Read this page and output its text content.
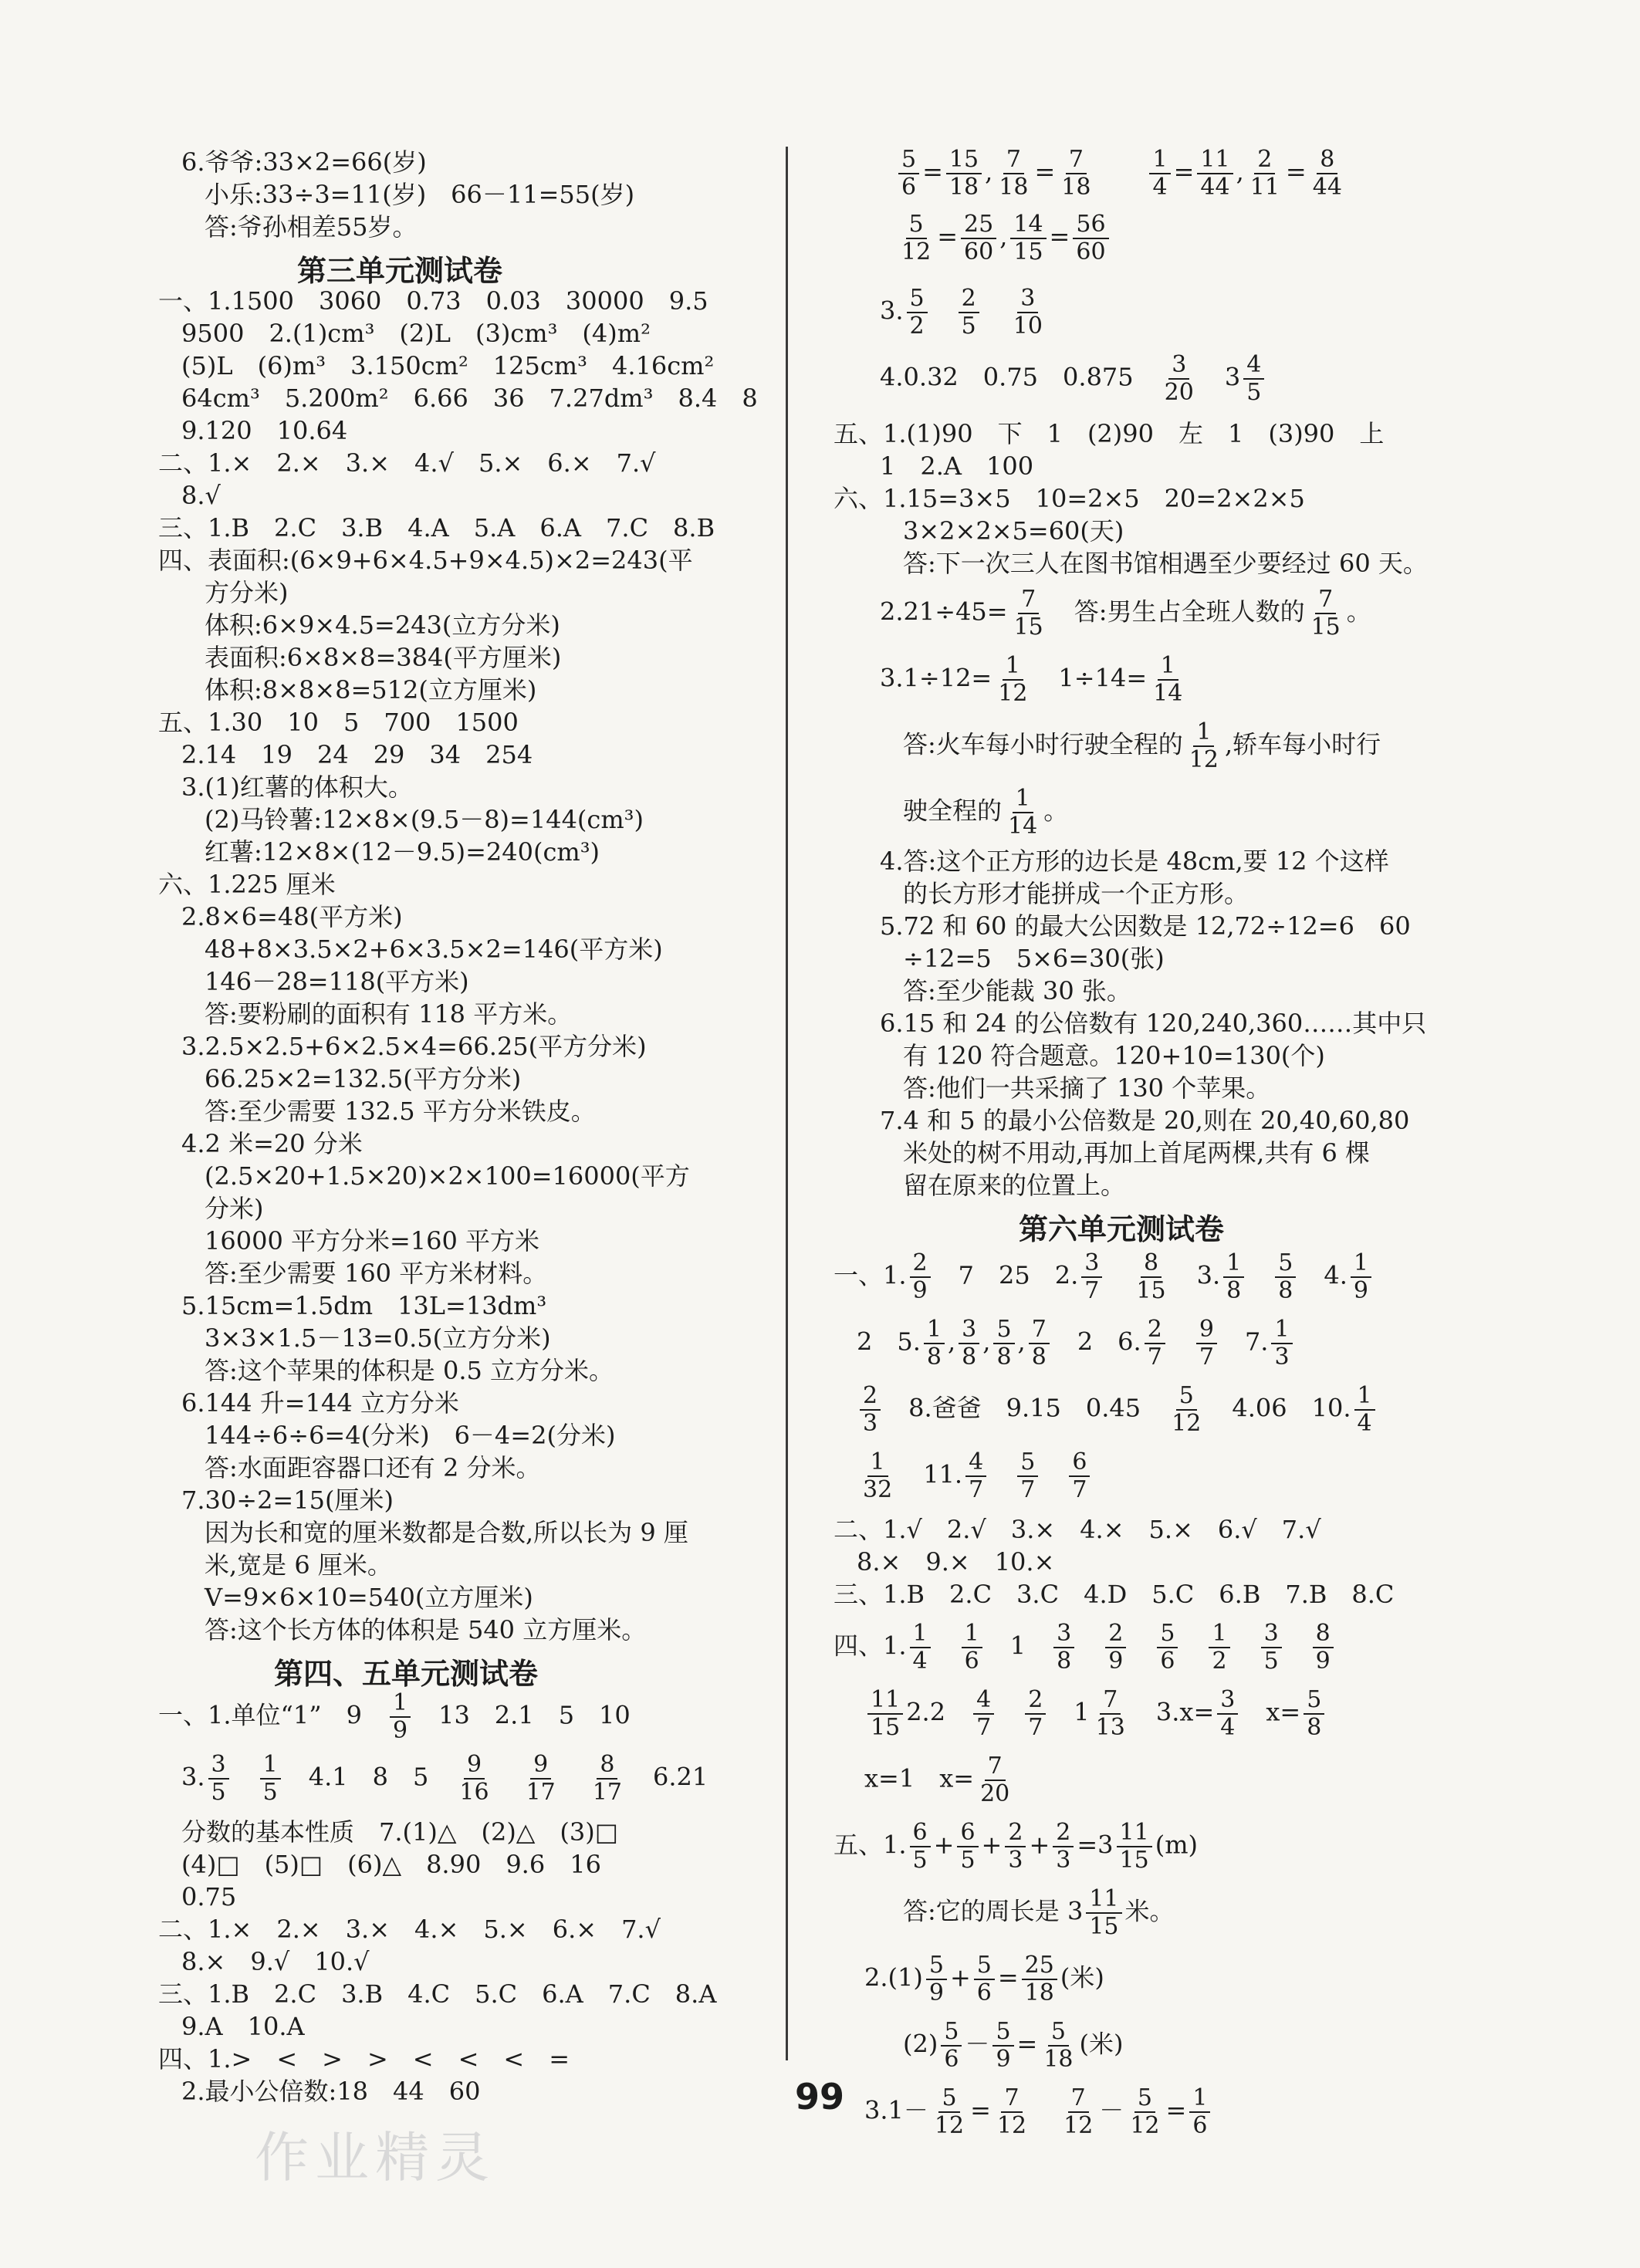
6.爷爷:33×2=66(岁)
小乐:33÷3=11(岁)　66－11=55(岁)
答:爷孙相差55岁。
第三单元测试卷
一、1.1500　3060　0.73　0.03　30000　9.5
9500　2.(1)cm³　(2)L　(3)cm³　(4)m²
(5)L　(6)m³　3.150cm²　125cm³　4.16cm²
64cm³　5.200m²　6.66　36　7.27dm³　8.4　8
9.120　10.64
二、1.×　2.×　3.×　4.√　5.×　6.×　7.√
8.√
三、1.B　2.C　3.B　4.A　5.A　6.A　7.C　8.B
四、表面积:(6×9+6×4.5+9×4.5)×2=243(平
方分米)
体积:6×9×4.5=243(立方分米)
表面积:6×8×8=384(平方厘米)
体积:8×8×8=512(立方厘米)
五、1.30　10　5　700　1500
2.14　19　24　29　34　254
3.(1)红薯的体积大。
(2)马铃薯:12×8×(9.5－8)=144(cm³)
红薯:12×8×(12－9.5)=240(cm³)
六、1.225 厘米
2.8×6=48(平方米)
48+8×3.5×2+6×3.5×2=146(平方米)
146－28=118(平方米)
答:要粉刷的面积有 118 平方米。
3.2.5×2.5+6×2.5×4=66.25(平方分米)
66.25×2=132.5(平方分米)
答:至少需要 132.5 平方分米铁皮。
4.2 米=20 分米
(2.5×20+1.5×20)×2×100=16000(平方
分米)
16000 平方分米=160 平方米
答:至少需要 160 平方米材料。
5.15cm=1.5dm　13L=13dm³
3×3×1.5－13=0.5(立方分米)
答:这个苹果的体积是 0.5 立方分米。
6.144 升=144 立方分米
144÷6÷6=4(分米)　6－4=2(分米)
答:水面距容器口还有 2 分米。
7.30÷2=15(厘米)
因为长和宽的厘米数都是合数,所以长为 9 厘
米,宽是 6 厘米。
V=9×6×10=540(立方厘米)
答:这个长方体的体积是 540 立方厘米。
第四、五单元测试卷
一、1.单位“1”　9　 $\frac{1}{9}$ 　13　2.1　5　10
3. $\frac{3}{5}$
　 $\frac{1}{5}$
　 4.1　8　5　 $\frac{9}{16}$
　 $\frac{9}{17}$
　 $\frac{8}{17}$
　 6.21
分数的基本性质　7.(1)△　(2)△　(3)□
(4)□　(5)□　(6)△　8.90　9.6　16
0.75
二、1.×　2.×　3.×　4.×　5.×　6.×　7.√
8.×　9.√　10.√
三、1.B　2.C　3.B　4.C　5.C　6.A　7.C　8.A
9.A　10.A
四、1.>　<　>　>　<　<　<　=
2.最小公倍数:18　44　60
$\frac{5}{6} = \frac{15}{18}$ , $\frac{7}{18} = \frac{7}{18}$
　　 $\frac{1}{4} = \frac{11}{44}$ , $\frac{2}{11} = \frac{8}{44}$
$\frac{5}{12} = \frac{25}{60}$ , $\frac{14}{15} = \frac{56}{60}$
3. $\frac{5}{2}$
　 $\frac{2}{5}$
　 $\frac{3}{10}$
4.0.32　0.75　0.875　 $\frac{3}{20}$ 　$3 \frac{4}{5}$
五、1.(1)90　下　1　(2)90　左　1　(3)90　上
1　2.A　100
六、1.15=3×5　10=2×5　20=2×2×5
3×2×2×5=60(天)
答:下一次三人在图书馆相遇至少要经过 60 天。
$2.21\div 45= \frac{7}{15}$ 　答:男生占全班人数的 $\frac{7}{15}$ 。
$3.1\div 12= \frac{1}{12}$ 　$1\div 14= \frac{1}{14}$
答:火车每小时行驶全程的 $\frac{1}{12}$ ,轿车每小时行
驶全程的 $\frac{1}{14}$ 。
4.答:这个正方形的边长是 48cm,要 12 个这样
的长方形才能拼成一个正方形。
5.72 和 60 的最大公因数是 12,72÷12=6　60
÷12=5　5×6=30(张)
答:至少能裁 30 张。
6.15 和 24 的公倍数有 120,240,360……其中只
有 120 符合题意。120+10=130(个)
答:他们一共采摘了 130 个苹果。
7.4 和 5 的最小公倍数是 20,则在 20,40,60,80
米处的树不用动,再加上首尾两棵,共有 6 棵
留在原来的位置上。
第六单元测试卷
一、1. $\frac{2}{9}$
　 7　25　2. $\frac{3}{7}$
　 $\frac{8}{15}$
　 3. $\frac{1}{8}$
　 $\frac{5}{8}$
　 4. $\frac{1}{9}$
2　5. $\frac{1}{8}$ , $\frac{3}{8}$ , $\frac{5}{8}$ , $\frac{7}{8}$
　 2　6. $\frac{2}{7}$
　 $\frac{9}{7}$
　 7. $\frac{1}{3}$
$\frac{2}{3}$
　 8.爸爸　9.15　0.45　 $\frac{5}{12}$
　 4.06　10. $\frac{1}{4}$
$\frac{1}{32}$
　 11. $\frac{4}{7}$
　 $\frac{5}{7}$
　 $\frac{6}{7}$
二、1.√　2.√　3.×　4.×　5.×　6.√　7.√
8.×　9.×　10.×
三、1.B　2.C　3.C　4.D　5.C　6.B　7.B　8.C
四、1. $\frac{1}{4}$
　 $\frac{1}{6}$ 　1　 $\frac{3}{8}$
　 $\frac{2}{9}$
　 $\frac{5}{6}$
　 $\frac{1}{2}$
　 $\frac{3}{5}$
　 $\frac{8}{9}$
$\frac{11}{15} 2.2$　 $\frac{4}{7}$
　 $\frac{2}{7}$ 　$1 \frac{7}{13}$
　 $3.x= \frac{3}{4}$
　 $x= \frac{5}{8}$
x=1　$x= \frac{7}{20}$
五、1. $\frac{6}{5} + \frac{6}{5} + \frac{2}{3} + \frac{2}{3} =3 \frac{11}{15} (m)$
答:它的周长是 $3 \frac{11}{15}$ 米。
$2.(1) \frac{5}{9} + \frac{5}{6} = \frac{25}{18}$ (米)
$(2) \frac{5}{6} - \frac{5}{9} = \frac{5}{18}$ (米)
$3.1- \frac{5}{12} = \frac{7}{12}$
　 $\frac{7}{12} - \frac{5}{12} = \frac{1}{6}$
99
作业精灵
